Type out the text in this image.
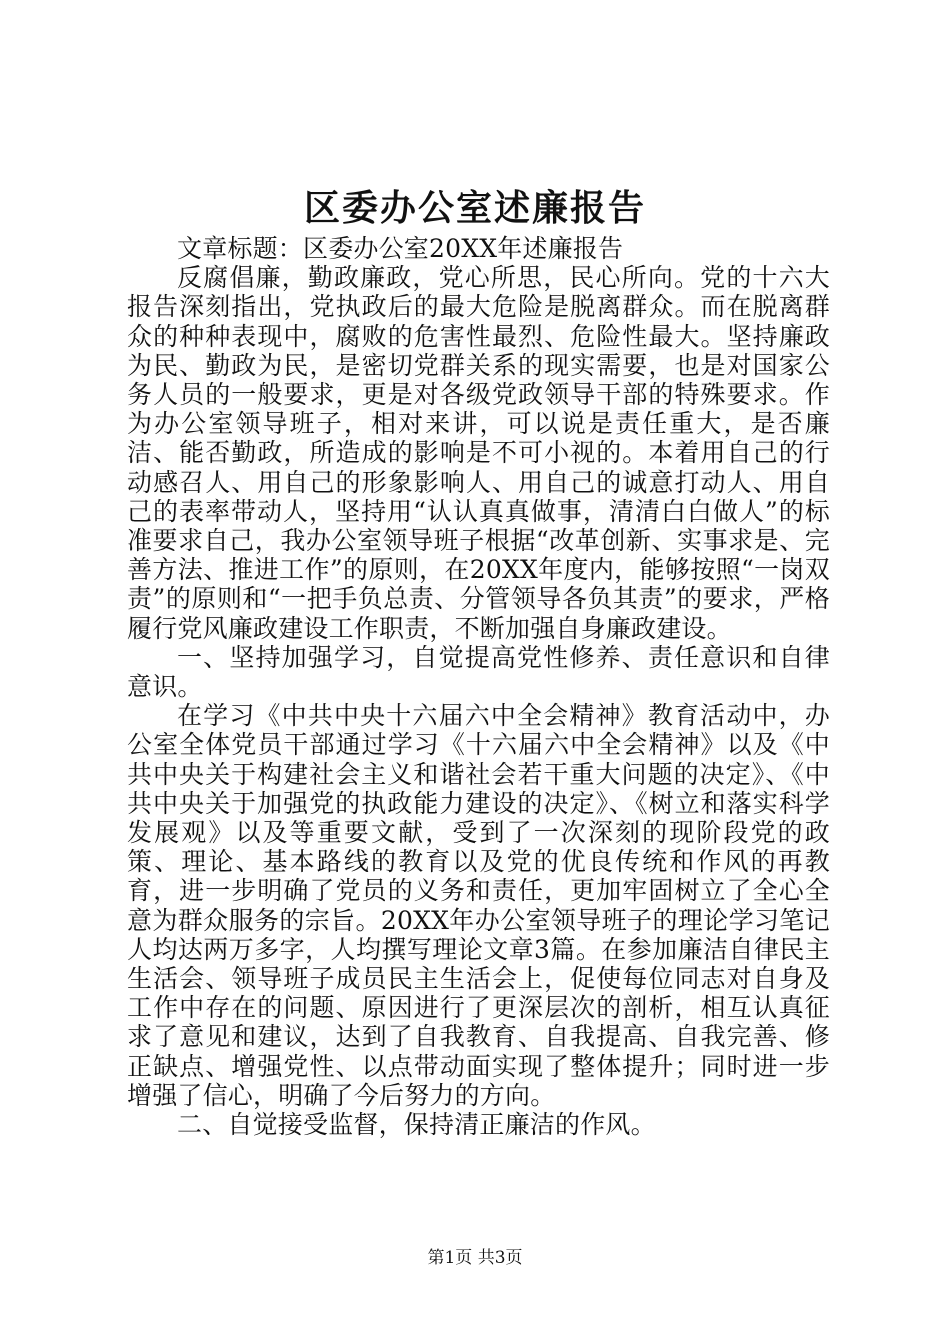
区委办公室述廉报告

文章标题：区委办公室20XX年述廉报告

反腐倡廉，勤政廉政，党心所思，民心所向。党的十六大报告深刻指出，党执政后的最大危险是脱离群众。而在脱离群众的种种表现中，腐败的危害性最烈、危险性最大。坚持廉政为民、勤政为民，是密切党群关系的现实需要，也是对国家公务人员的一般要求，更是对各级党政领导干部的特殊要求。作为办公室领导班子，相对来讲，可以说是责任重大，是否廉洁、能否勤政，所造成的影响是不可小视的。本着用自己的行动感召人、用自己的形象影响人、用自己的诚意打动人、用自己的表率带动人，坚持用“认认真真做事，清清白白做人”的标准要求自己，我办公室领导班子根据“改革创新、实事求是、完善方法、推进工作”的原则，在20XX年度内，能够按照“一岗双责”的原则和“一把手负总责、分管领导各负其责”的要求，严格履行党风廉政建设工作职责，不断加强自身廉政建设。

一、坚持加强学习，自觉提高党性修养、责任意识和自律意识。

在学习《中共中央十六届六中全会精神》教育活动中，办公室全体党员干部通过学习《十六届六中全会精神》以及《中共中央关于构建社会主义和谐社会若干重大问题的决定》、《中共中央关于加强党的执政能力建设的决定》、《树立和落实科学发展观》以及等重要文献，受到了一次深刻的现阶段党的政策、理论、基本路线的教育以及党的优良传统和作风的再教育，进一步明确了党员的义务和责任，更加牢固树立了全心全意为群众服务的宗旨。20XX年办公室领导班子的理论学习笔记人均达两万多字，人均撰写理论文章3篇。在参加廉洁自律民主生活会、领导班子成员民主生活会上，促使每位同志对自身及工作中存在的问题、原因进行了更深层次的剖析，相互认真征求了意见和建议，达到了自我教育、自我提高、自我完善、修正缺点、增强党性、以点带动面实现了整体提升；同时进一步增强了信心，明确了今后努力的方向。

二、自觉接受监督，保持清正廉洁的作风。

第1页 共3页
